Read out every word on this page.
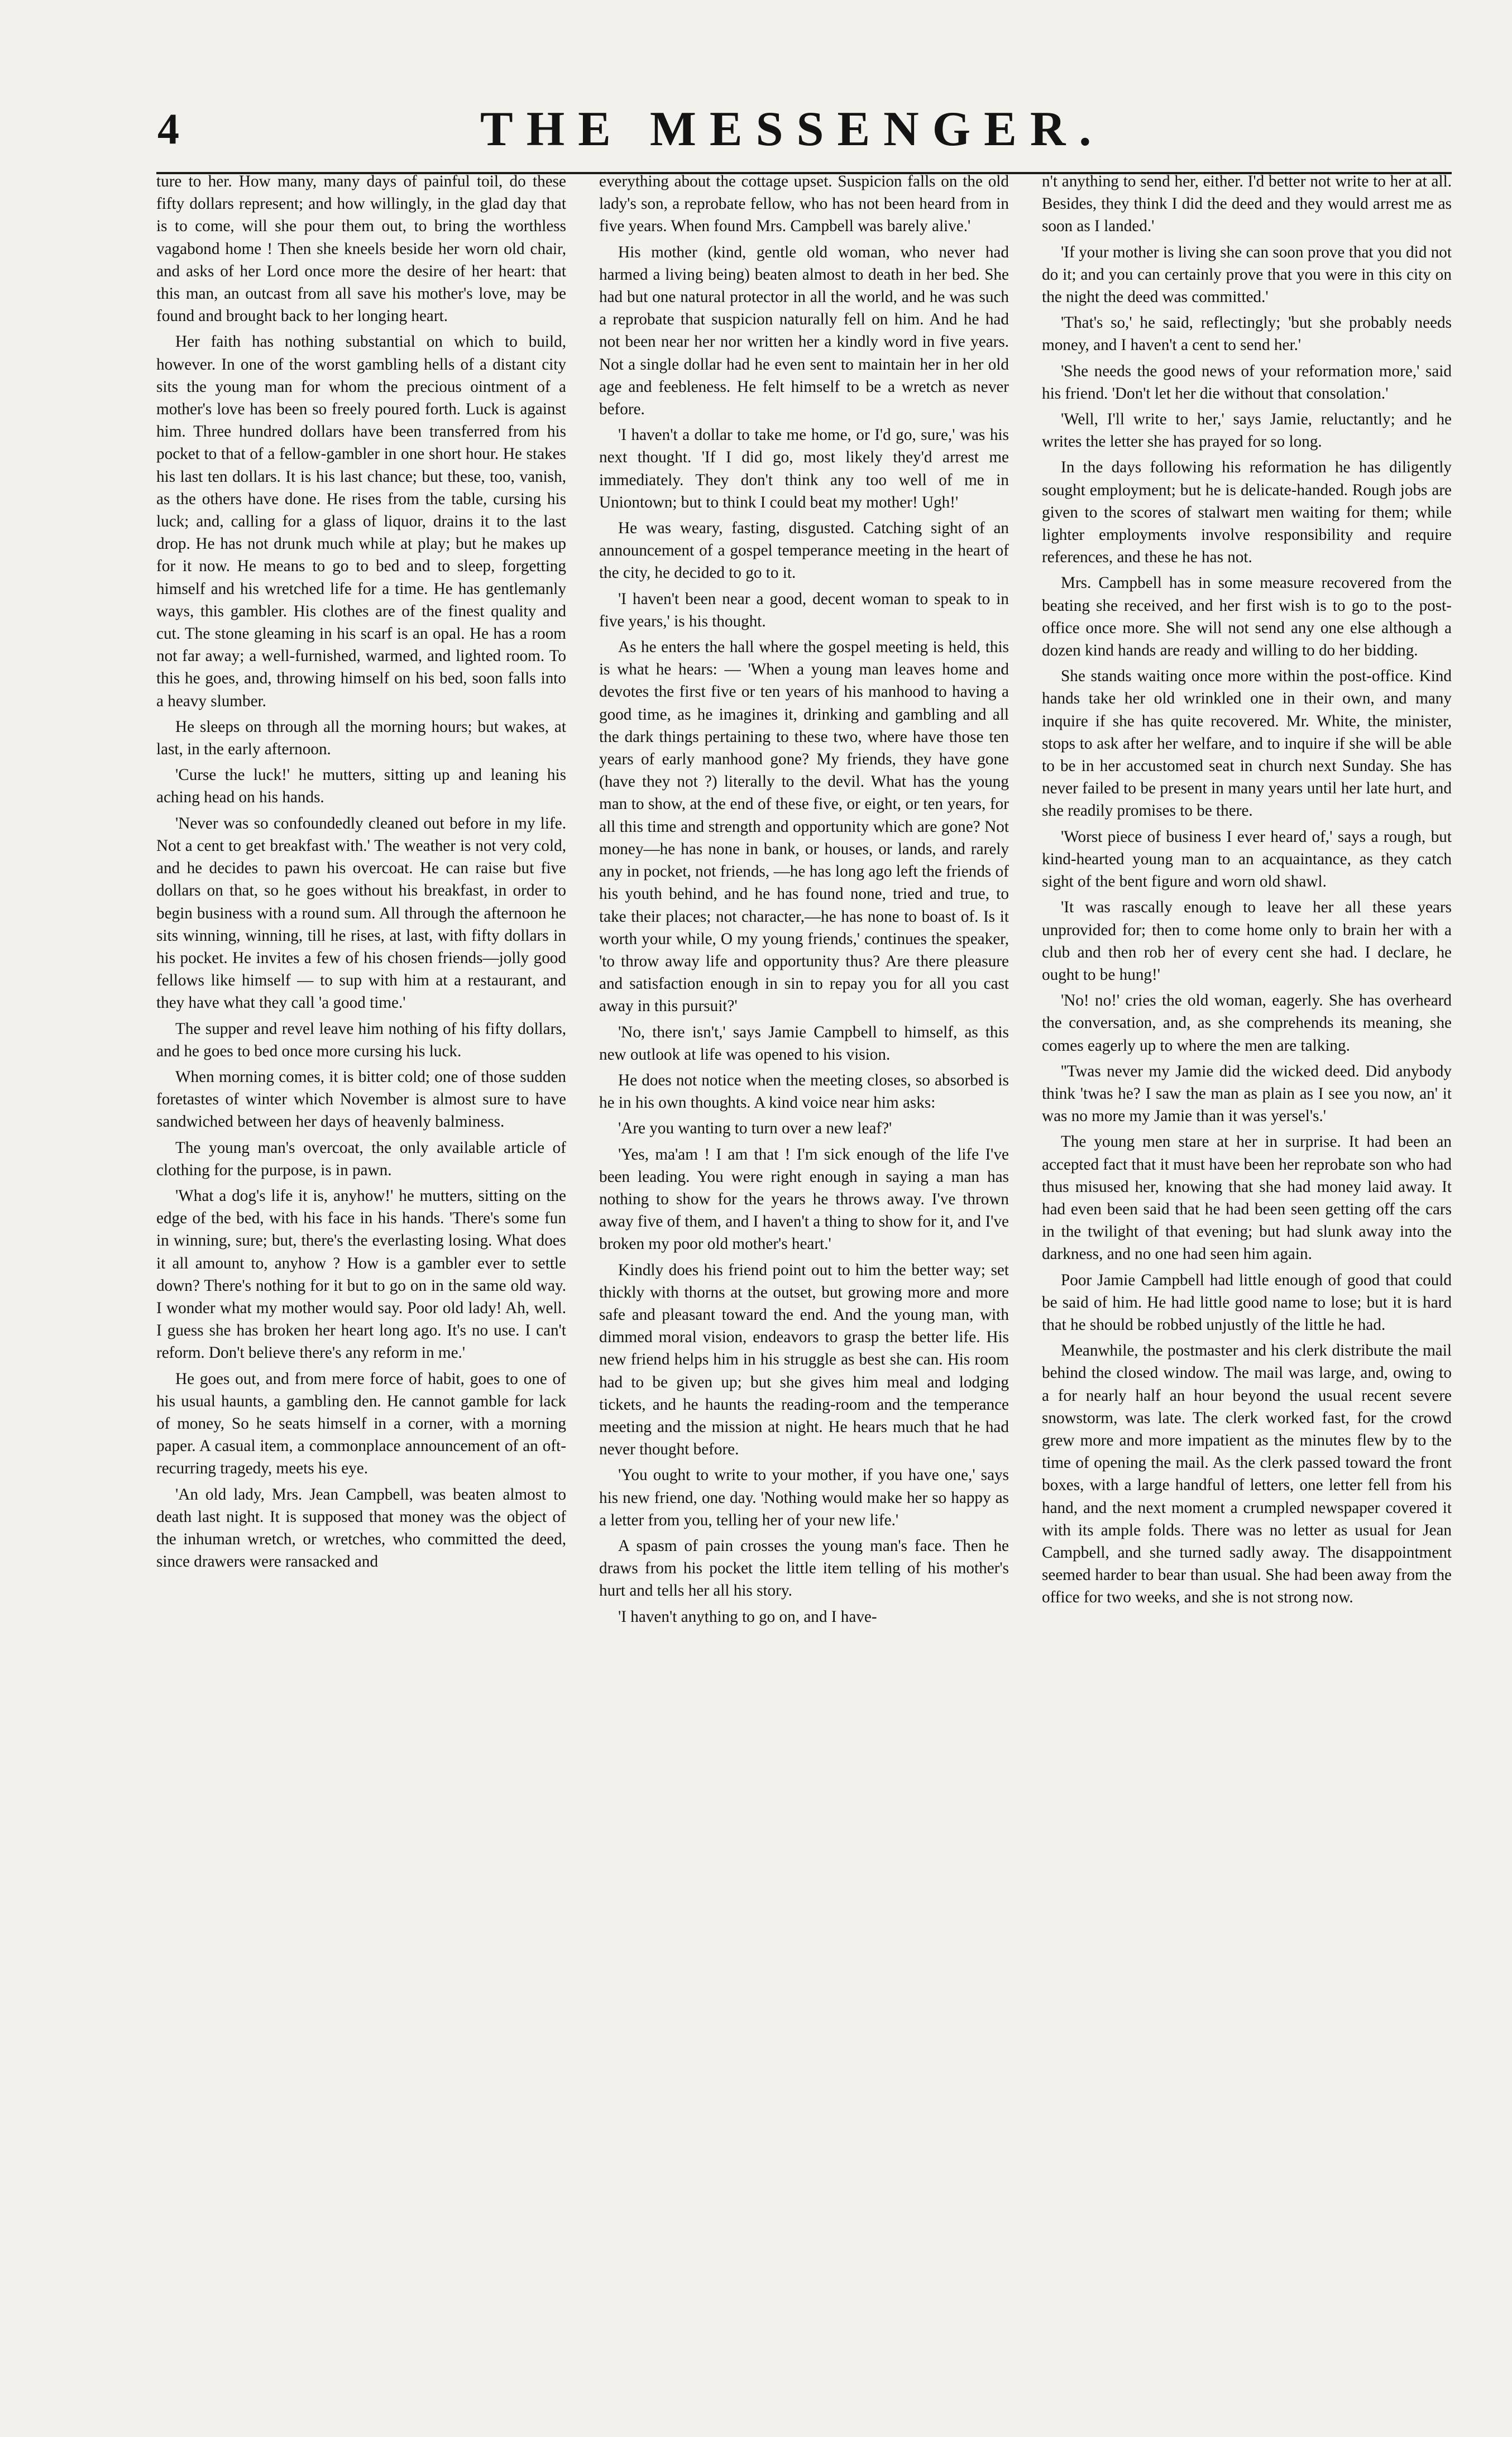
4	THE MESSENGER.

ture to her. How many, many days of painful toil, do these fifty dollars represent; and how willingly, in the glad day that is to come, will she pour them out, to bring the worthless vagabond home ! Then she kneels beside her worn old chair, and asks of her Lord once more the desire of her heart: that this man, an outcast from all save his mother's love, may be found and brought back to her longing heart.

Her faith has nothing substantial on which to build, however. In one of the worst gambling hells of a distant city sits the young man for whom the precious ointment of a mother's love has been so freely poured forth. Luck is against him. Three hundred dollars have been transferred from his pocket to that of a fellow-gambler in one short hour. He stakes his last ten dollars. It is his last chance; but these, too, vanish, as the others have done. He rises from the table, cursing his luck; and, calling for a glass of liquor, drains it to the last drop. He has not drunk much while at play; but he makes up for it now. He means to go to bed and to sleep, forgetting himself and his wretched life for a time. He has gentlemanly ways, this gambler. His clothes are of the finest quality and cut. The stone gleaming in his scarf is an opal. He has a room not far away; a well-furnished, warmed, and lighted room. To this he goes, and, throwing himself on his bed, soon falls into a heavy slumber.

He sleeps on through all the morning hours; but wakes, at last, in the early afternoon.

'Curse the luck!' he mutters, sitting up and leaning his aching head on his hands.

'Never was so confoundedly cleaned out before in my life. Not a cent to get breakfast with.' The weather is not very cold, and he decides to pawn his overcoat. He can raise but five dollars on that, so he goes without his breakfast, in order to begin business with a round sum. All through the afternoon he sits winning, winning, till he rises, at last, with fifty dollars in his pocket. He invites a few of his chosen friends—jolly good fellows like himself — to sup with him at a restaurant, and they have what they call 'a good time.'

The supper and revel leave him nothing of his fifty dollars, and he goes to bed once more cursing his luck.

When morning comes, it is bitter cold; one of those sudden foretastes of winter which November is almost sure to have sandwiched between her days of heavenly balminess.

The young man's overcoat, the only available article of clothing for the purpose, is in pawn.

'What a dog's life it is, anyhow!' he mutters, sitting on the edge of the bed, with his face in his hands. 'There's some fun in winning, sure; but, there's the everlasting losing. What does it all amount to, anyhow ? How is a gambler ever to settle down? There's nothing for it but to go on in the same old way. I wonder what my mother would say. Poor old lady! Ah, well. I guess she has broken her heart long ago. It's no use. I can't reform. Don't believe there's any reform in me.'

He goes out, and from mere force of habit, goes to one of his usual haunts, a gambling den. He cannot gamble for lack of money, So he seats himself in a corner, with a morning paper. A casual item, a commonplace announcement of an oft-recurring tragedy, meets his eye.

'An old lady, Mrs. Jean Campbell, was beaten almost to death last night. It is supposed that money was the object of the inhuman wretch, or wretches, who committed the deed, since drawers were ransacked and

everything about the cottage upset. Suspicion falls on the old lady's son, a reprobate fellow, who has not been heard from in five years. When found Mrs. Campbell was barely alive.'

His mother (kind, gentle old woman, who never had harmed a living being) beaten almost to death in her bed. She had but one natural protector in all the world, and he was such a reprobate that suspicion naturally fell on him. And he had not been near her nor written her a kindly word in five years. Not a single dollar had he even sent to maintain her in her old age and feebleness. He felt himself to be a wretch as never before.

'I haven't a dollar to take me home, or I'd go, sure,' was his next thought. 'If I did go, most likely they'd arrest me immediately. They don't think any too well of me in Uniontown; but to think I could beat my mother! Ugh!'

He was weary, fasting, disgusted. Catching sight of an announcement of a gospel temperance meeting in the heart of the city, he decided to go to it.

'I haven't been near a good, decent woman to speak to in five years,' is his thought.

As he enters the hall where the gospel meeting is held, this is what he hears: — 'When a young man leaves home and devotes the first five or ten years of his manhood to having a good time, as he imagines it, drinking and gambling and all the dark things pertaining to these two, where have those ten years of early manhood gone? My friends, they have gone (have they not ?) literally to the devil. What has the young man to show, at the end of these five, or eight, or ten years, for all this time and strength and opportunity which are gone? Not money—he has none in bank, or houses, or lands, and rarely any in pocket, not friends, —he has long ago left the friends of his youth behind, and he has found none, tried and true, to take their places; not character,—he has none to boast of. Is it worth your while, O my young friends,' continues the speaker, 'to throw away life and opportunity thus? Are there pleasure and satisfaction enough in sin to repay you for all you cast away in this pursuit?'

'No, there isn't,' says Jamie Campbell to himself, as this new outlook at life was opened to his vision.

He does not notice when the meeting closes, so absorbed is he in his own thoughts. A kind voice near him asks:

'Are you wanting to turn over a new leaf?'

'Yes, ma'am ! I am that ! I'm sick enough of the life I've been leading. You were right enough in saying a man has nothing to show for the years he throws away. I've thrown away five of them, and I haven't a thing to show for it, and I've broken my poor old mother's heart.'

Kindly does his friend point out to him the better way; set thickly with thorns at the outset, but growing more and more safe and pleasant toward the end. And the young man, with dimmed moral vision, endeavors to grasp the better life. His new friend helps him in his struggle as best she can. His room had to be given up; but she gives him meal and lodging tickets, and he haunts the reading-room and the temperance meeting and the mission at night. He hears much that he had never thought before.

'You ought to write to your mother, if you have one,' says his new friend, one day. 'Nothing would make her so happy as a letter from you, telling her of your new life.'

A spasm of pain crosses the young man's face. Then he draws from his pocket the little item telling of his mother's hurt and tells her all his story.

'I haven't anything to go on, and I have-

n't anything to send her, either. I'd better not write to her at all. Besides, they think I did the deed and they would arrest me as soon as I landed.'

'If your mother is living she can soon prove that you did not do it; and you can certainly prove that you were in this city on the night the deed was committed.'

'That's so,' he said, reflectingly; 'but she probably needs money, and I haven't a cent to send her.'

'She needs the good news of your reformation more,' said his friend. 'Don't let her die without that consolation.'

'Well, I'll write to her,' says Jamie, reluctantly; and he writes the letter she has prayed for so long.

In the days following his reformation he has diligently sought employment; but he is delicate-handed. Rough jobs are given to the scores of stalwart men waiting for them; while lighter employments involve responsibility and require references, and these he has not.

Mrs. Campbell has in some measure recovered from the beating she received, and her first wish is to go to the post-office once more. She will not send any one else although a dozen kind hands are ready and willing to do her bidding.

She stands waiting once more within the post-office. Kind hands take her old wrinkled one in their own, and many inquire if she has quite recovered. Mr. White, the minister, stops to ask after her welfare, and to inquire if she will be able to be in her accustomed seat in church next Sunday. She has never failed to be present in many years until her late hurt, and she readily promises to be there.

'Worst piece of business I ever heard of,' says a rough, but kind-hearted young man to an acquaintance, as they catch sight of the bent figure and worn old shawl.

'It was rascally enough to leave her all these years unprovided for; then to come home only to brain her with a club and then rob her of every cent she had. I declare, he ought to be hung!'

'No! no!' cries the old woman, eagerly. She has overheard the conversation, and, as she comprehends its meaning, she comes eagerly up to where the men are talking.

''Twas never my Jamie did the wicked deed. Did anybody think 'twas he? I saw the man as plain as I see you now, an' it was no more my Jamie than it was yersel's.'

The young men stare at her in surprise. It had been an accepted fact that it must have been her reprobate son who had thus misused her, knowing that she had money laid away. It had even been said that he had been seen getting off the cars in the twilight of that evening; but had slunk away into the darkness, and no one had seen him again.

Poor Jamie Campbell had little enough of good that could be said of him. He had little good name to lose; but it is hard that he should be robbed unjustly of the little he had.

Meanwhile, the postmaster and his clerk distribute the mail behind the closed window. The mail was large, and, owing to a for nearly half an hour beyond the usual recent severe snowstorm, was late. The clerk worked fast, for the crowd grew more and more impatient as the minutes flew by to the time of opening the mail. As the clerk passed toward the front boxes, with a large handful of letters, one letter fell from his hand, and the next moment a crumpled newspaper covered it with its ample folds. There was no letter as usual for Jean Campbell, and she turned sadly away. The disappointment seemed harder to bear than usual. She had been away from the office for two weeks, and she is not strong now.
